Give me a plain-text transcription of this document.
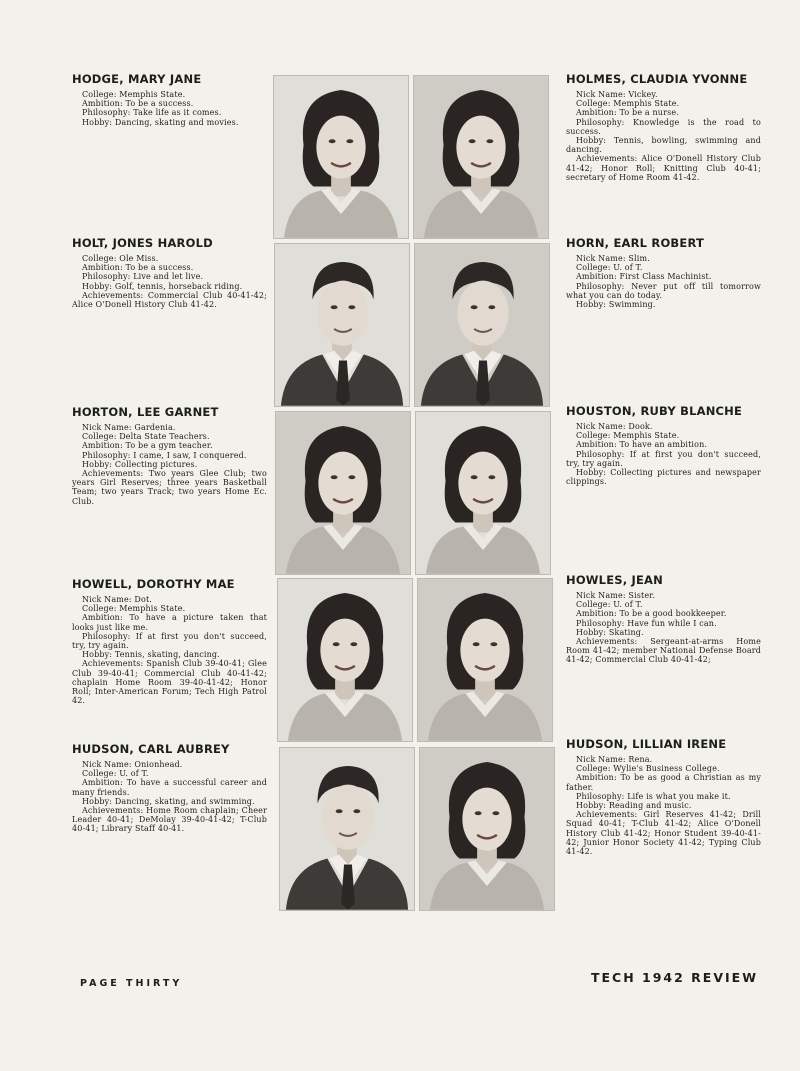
HODGE, MARY JANE

College: Memphis State.

Ambition: To be a success.

Philosophy: Take life as it comes.

Hobby: Dancing, skating and movies.

HOLT, JONES HAROLD

College: Ole Miss.

Ambition: To be a success.

Philosophy: Live and let live.

Hobby: Golf, tennis, horseback riding.

Achievements: Commercial Club 40-41-42; Alice O'Donell History Club 41-42.

HORTON, LEE GARNET

Nick Name: Gardenia.

College: Delta State Teachers.

Ambition: To be a gym teacher.

Philosophy: I came, I saw, I conquered.

Hobby: Collecting pictures.

Achievements: Two years Glee Club; two years Girl Reserves; three years Basketball Team; two years Track; two years Home Ec. Club.

HOWELL, DOROTHY MAE

Nick Name: Dot.

College: Memphis State.

Ambition: To have a picture taken that looks just like me.

Philosophy: If at first you don't succeed, try, try again.

Hobby: Tennis, skating, dancing.

Achievements: Spanish Club 39-40-41; Glee Club 39-40-41; Commercial Club 40-41-42; chaplain Home Room 39-40-41-42; Honor Roll; Inter-American Forum; Tech High Patrol 42.

HUDSON, CARL AUBREY

Nick Name: Onionhead.

College: U. of T.

Ambition: To have a successful career and many friends.

Hobby: Dancing, skating, and swimming.

Achievements: Home Room chaplain; Cheer Leader 40-41; DeMolay 39-40-41-42; T-Club 40-41; Library Staff 40-41.

HOLMES, CLAUDIA YVONNE

Nick Name: Vickey.

College: Memphis State.

Ambition: To be a nurse.

Philosophy: Knowledge is the road to success.

Hobby: Tennis, bowling, swimming and dancing.

Achievements: Alice O'Donell History Club 41-42; Honor Roll; Knitting Club 40-41; secretary of Home Room 41-42.

HORN, EARL ROBERT

Nick Name: Slim.

College: U. of T.

Ambition: First Class Machinist.

Philosophy: Never put off till tomorrow what you can do today.

Hobby: Swimming.

HOUSTON, RUBY BLANCHE

Nick Name: Dook.

College: Memphis State.

Ambition: To have an ambition.

Philosophy: If at first you don't succeed, try, try again.

Hobby: Collecting pictures and newspaper clippings.

HOWLES, JEAN

Nick Name: Sister.

College: U. of T.

Ambition: To be a good bookkeeper.

Philosophy: Have fun while I can.

Hobby: Skating.

Achievements: Sergeant-at-arms Home Room 41-42; member National Defense Board 41-42; Commercial Club 40-41-42;

HUDSON, LILLIAN IRENE

Nick Name: Rena.

College: Wylie's Business College.

Ambition: To be as good a Christian as my father.

Philosophy: Life is what you make it.

Hobby: Reading and music.

Achievements: Girl Reserves 41-42; Drill Squad 40-41; T-Club 41-42; Alice O'Donell History Club 41-42; Honor Student 39-40-41-42; Junior Honor Society 41-42; Typing Club 41-42.

PAGE THIRTY	TECH 1942 REVIEW
